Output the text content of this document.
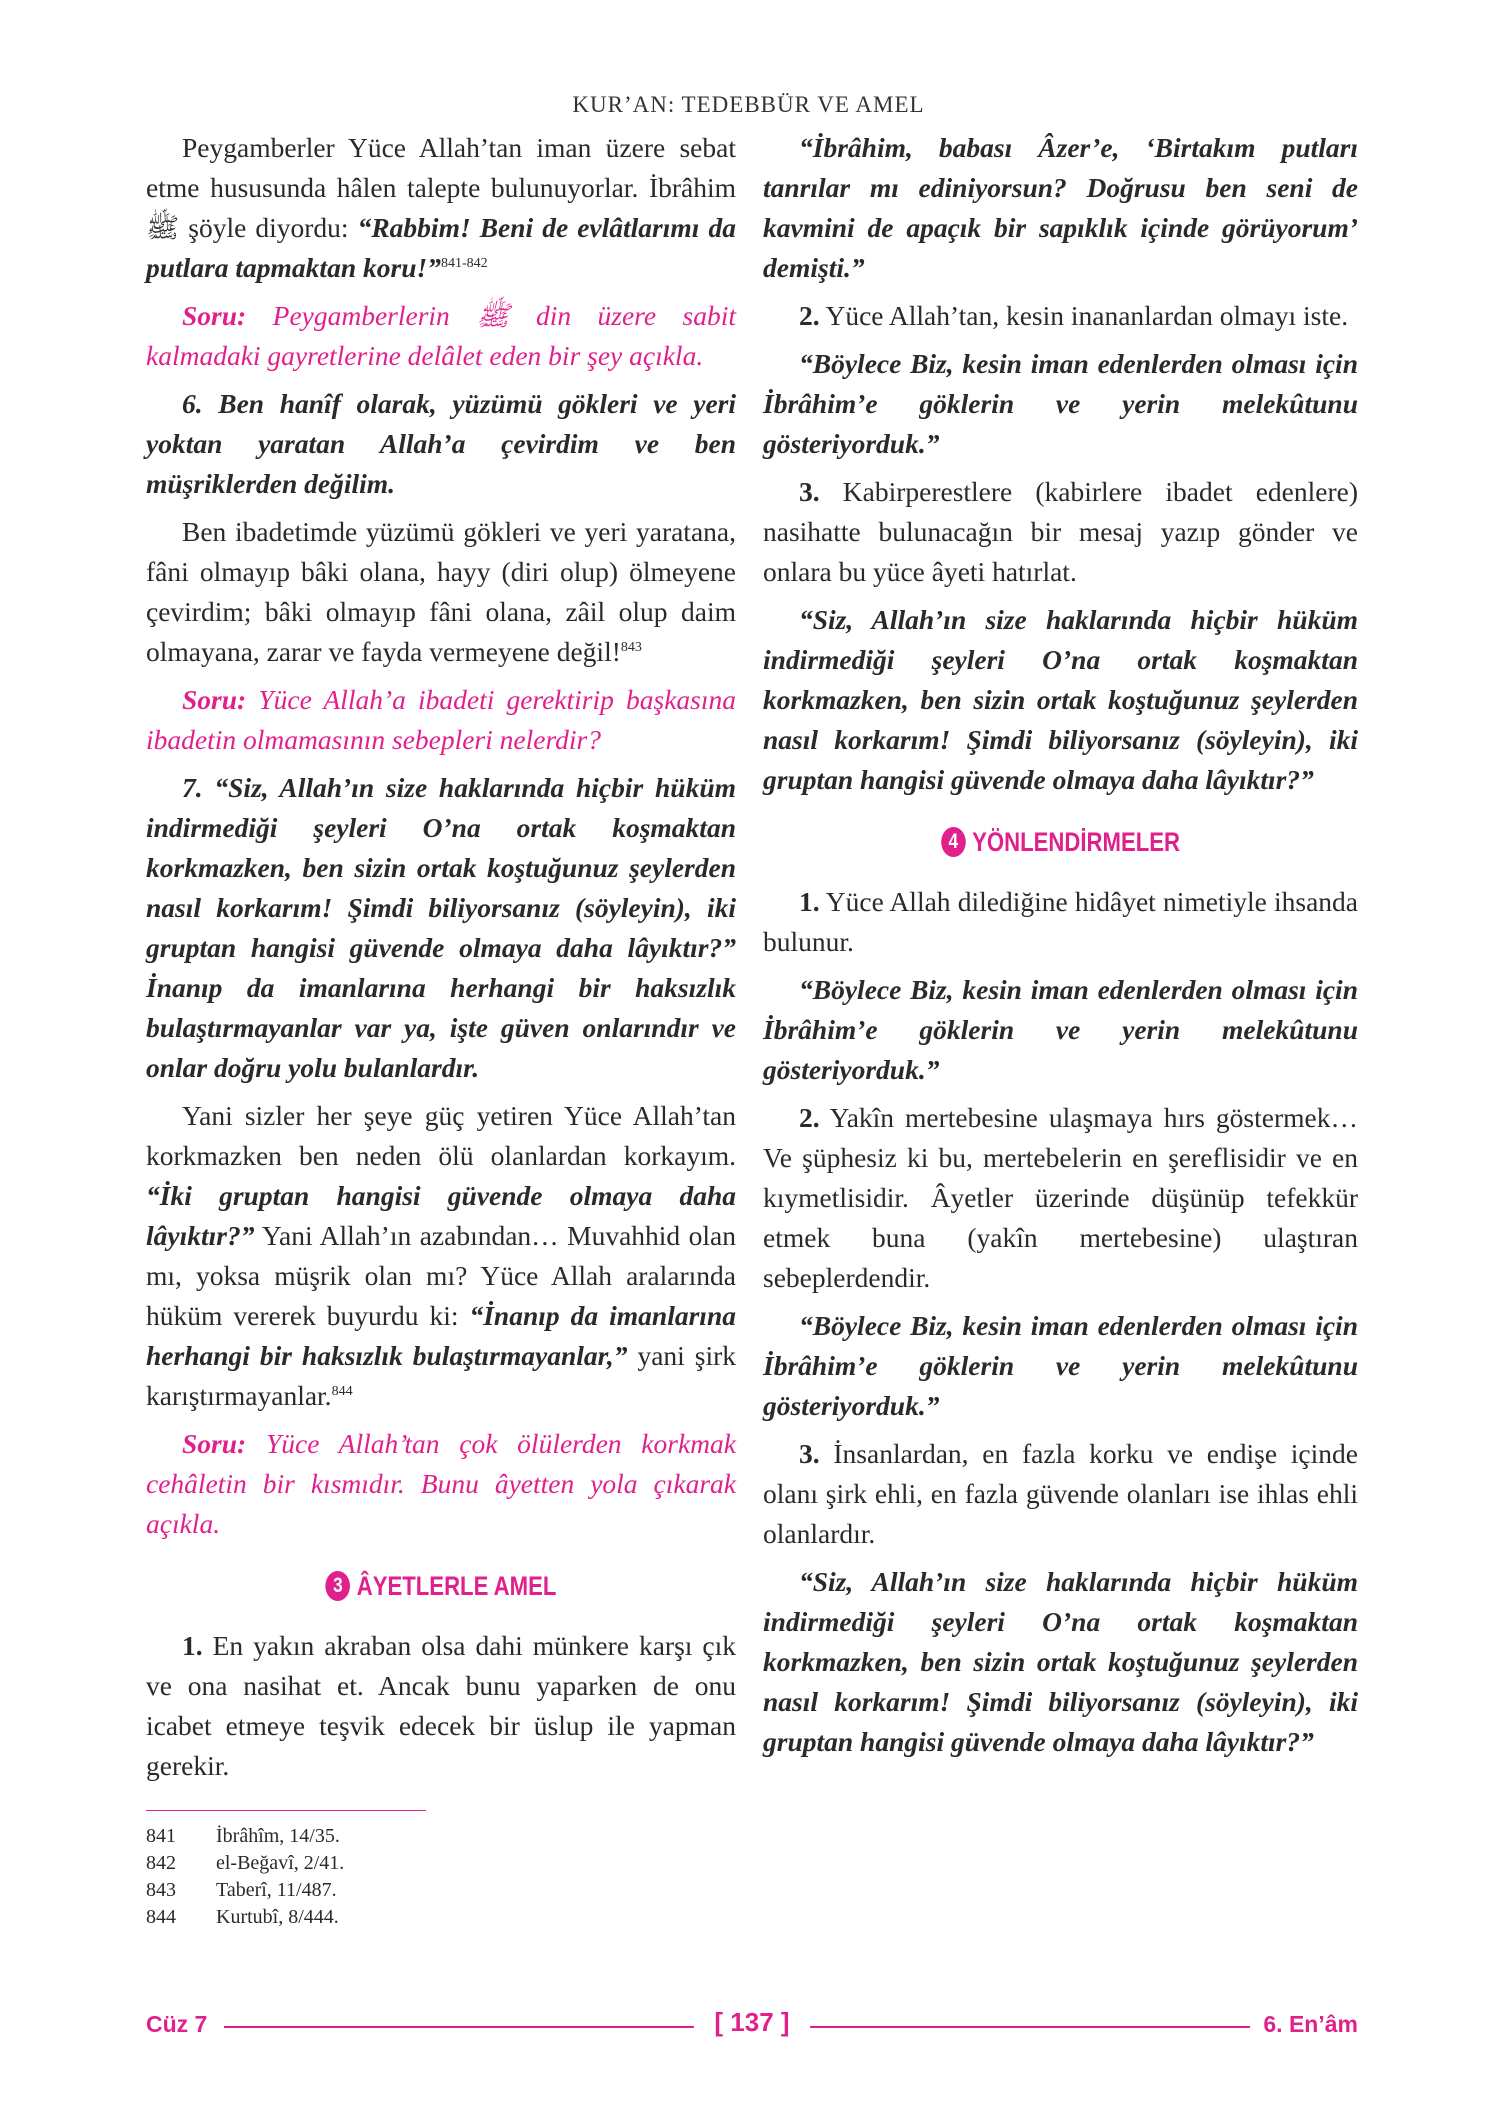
KUR’AN: TEDEBBÜR VE AMEL

Peygamberler Yüce Allah’tan iman üzere sebat etme hususunda hâlen talepte bulunuyorlar. İbrâhim ﷺ şöyle diyordu: “Rabbim! Beni de evlâtlarımı da putlara tapmaktan koru!”$^{841-842}$

Soru: Peygamberlerin ﷺ din üzere sabit kalmadaki gayretlerine delâlet eden bir şey açıkla.

6. Ben hanîf olarak, yüzümü gökleri ve yeri yoktan yaratan Allah’a çevirdim ve ben müşriklerden değilim.

Ben ibadetimde yüzümü gökleri ve yeri yaratana, fâni olmayıp bâki olana, hayy (diri olup) ölmeyene çevirdim; bâki olmayıp fâni olana, zâil olup daim olmayana, zarar ve fayda vermeyene değil!$^{843}$

Soru: Yüce Allah’a ibadeti gerektirip başkasına ibadetin olmamasının sebepleri nelerdir?

7. “Siz, Allah’ın size haklarında hiçbir hüküm indirmediği şeyleri O’na ortak koşmaktan korkmazken, ben sizin ortak koştuğunuz şeylerden nasıl korkarım! Şimdi biliyorsanız (söyleyin), iki gruptan hangisi güvende olmaya daha lâyıktır?” İnanıp da imanlarına herhangi bir haksızlık bulaştırmayanlar var ya, işte güven onlarındır ve onlar doğru yolu bulanlardır.

Yani sizler her şeye güç yetiren Yüce Allah’tan korkmazken ben neden ölü olanlardan korkayım. “İki gruptan hangisi güvende olmaya daha lâyıktır?” Yani Allah’ın azabından… Muvahhid olan mı, yoksa müşrik olan mı? Yüce Allah aralarında hüküm vererek buyurdu ki: “İnanıp da imanlarına herhangi bir haksızlık bulaştırmayanlar,” yani şirk karıştırmayanlar.$^{844}$

Soru: Yüce Allah’tan çok ölülerden korkmak cehâletin bir kısmıdır. Bunu âyetten yola çıkarak açıkla.

3 ÂYETLERLE AMEL

1. En yakın akraban olsa dahi münkere karşı çık ve ona nasihat et. Ancak bunu yaparken de onu icabet etmeye teşvik edecek bir üslup ile yapman gerekir.

841	İbrâhîm, 14/35.
842	el-Beğavî, 2/41.
843	Taberî, 11/487.
844	Kurtubî, 8/444.

“İbrâhim, babası Âzer’e, ‘Birtakım putları tanrılar mı ediniyorsun? Doğrusu ben seni de kavmini de apaçık bir sapıklık içinde görüyorum’ demişti.”

2. Yüce Allah’tan, kesin inananlardan olmayı iste.

“Böylece Biz, kesin iman edenlerden olması için İbrâhim’e göklerin ve yerin melekûtunu gösteriyorduk.”

3. Kabirperestlere (kabirlere ibadet edenlere) nasihatte bulunacağın bir mesaj yazıp gönder ve onlara bu yüce âyeti hatırlat.

“Siz, Allah’ın size haklarında hiçbir hüküm indirmediği şeyleri O’na ortak koşmaktan korkmazken, ben sizin ortak koştuğunuz şeylerden nasıl korkarım! Şimdi biliyorsanız (söyleyin), iki gruptan hangisi güvende olmaya daha lâyıktır?”

4 YÖNLENDİRMELER

1. Yüce Allah dilediğine hidâyet nimetiyle ihsanda bulunur.

“Böylece Biz, kesin iman edenlerden olması için İbrâhim’e göklerin ve yerin melekûtunu gösteriyorduk.”

2. Yakîn mertebesine ulaşmaya hırs göstermek… Ve şüphesiz ki bu, mertebelerin en şereflisidir ve en kıymetlisidir. Âyetler üzerinde düşünüp tefekkür etmek buna (yakîn mertebesine) ulaştıran sebeplerdendir.

“Böylece Biz, kesin iman edenlerden olması için İbrâhim’e göklerin ve yerin melekûtunu gösteriyorduk.”

3. İnsanlardan, en fazla korku ve endişe içinde olanı şirk ehli, en fazla güvende olanları ise ihlas ehli olanlardır.

“Siz, Allah’ın size haklarında hiçbir hüküm indirmediği şeyleri O’na ortak koşmaktan korkmazken, ben sizin ortak koştuğunuz şeylerden nasıl korkarım! Şimdi biliyorsanız (söyleyin), iki gruptan hangisi güvende olmaya daha lâyıktır?”

Cüz 7	[ 137 ]	6. En’âm
